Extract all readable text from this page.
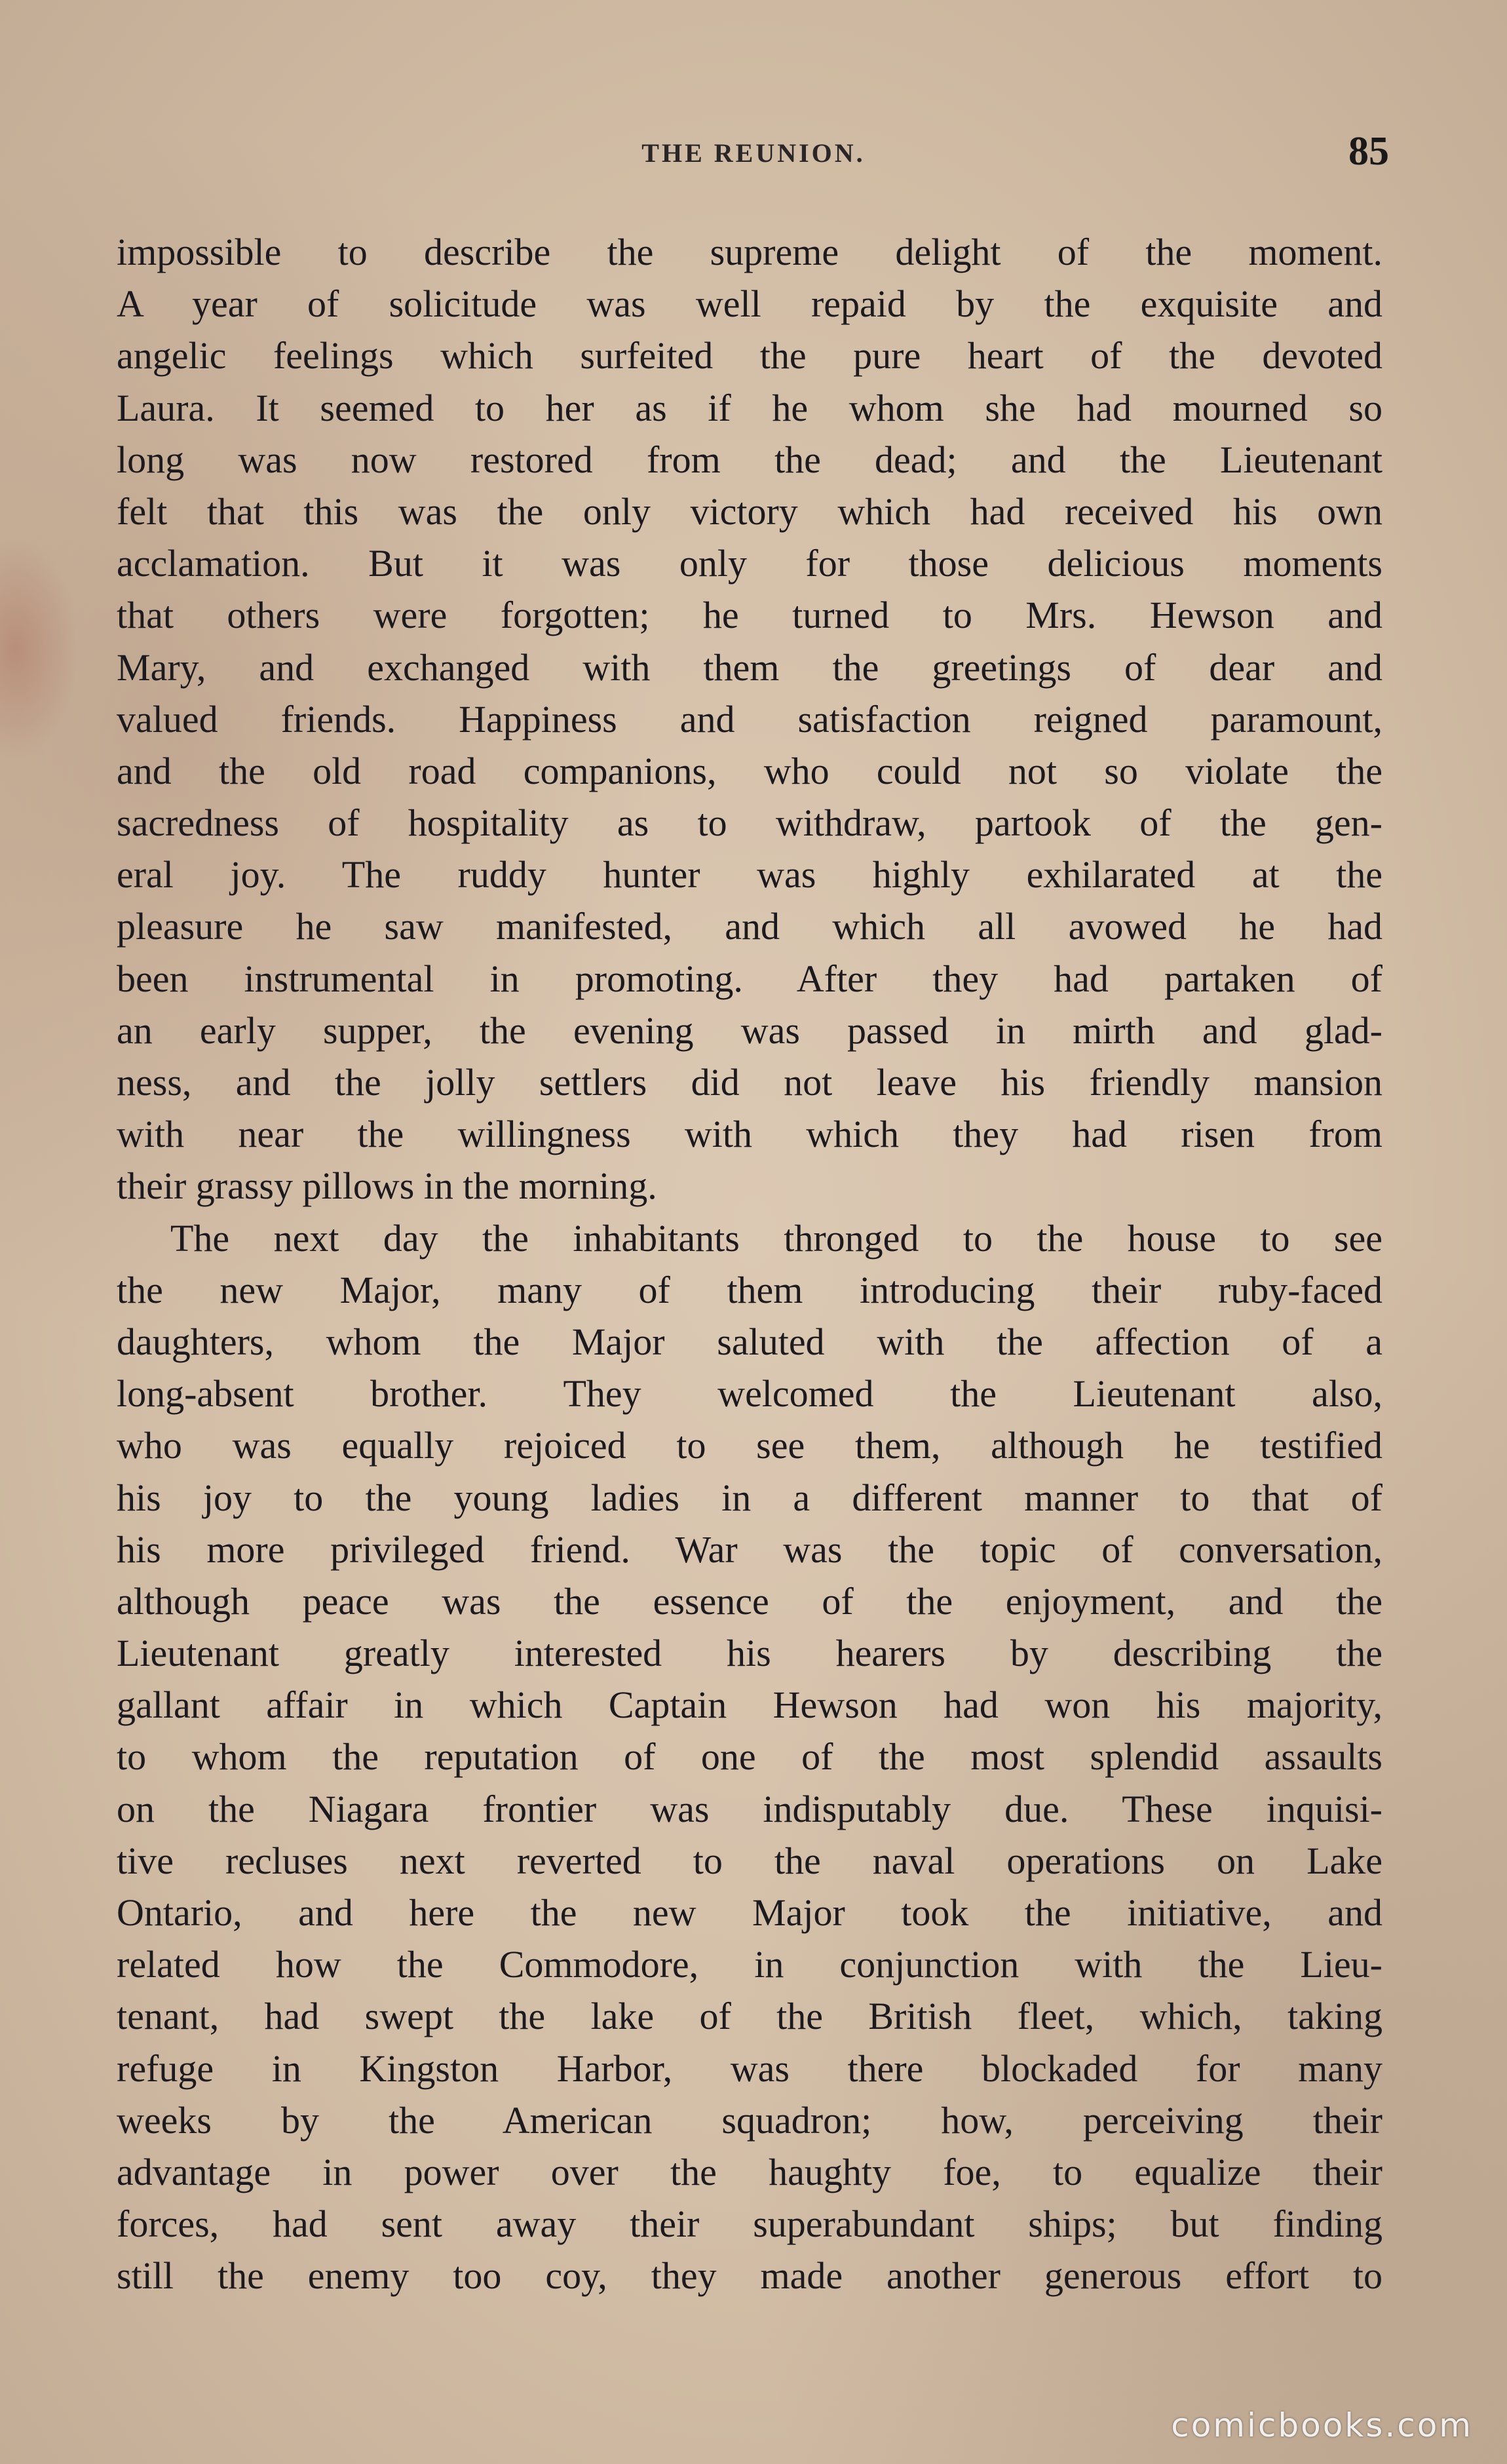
THE REUNION.	85
impossible to describe the supreme delight of the moment.
A year of solicitude was well repaid by the exquisite and
angelic feelings which surfeited the pure heart of the devoted
Laura. It seemed to her as if he whom she had mourned so
long was now restored from the dead; and the Lieutenant
felt that this was the only victory which had received his own
acclamation. But it was only for those delicious moments
that others were forgotten; he turned to Mrs. Hewson and
Mary, and exchanged with them the greetings of dear and
valued friends. Happiness and satisfaction reigned paramount,
and the old road companions, who could not so violate the
sacredness of hospitality as to withdraw, partook of the gen-
eral joy. The ruddy hunter was highly exhilarated at the
pleasure he saw manifested, and which all avowed he had
been instrumental in promoting. After they had partaken of
an early supper, the evening was passed in mirth and glad-
ness, and the jolly settlers did not leave his friendly mansion
with near the willingness with which they had risen from
their grassy pillows in the morning.
The next day the inhabitants thronged to the house to see
the new Major, many of them introducing their ruby-faced
daughters, whom the Major saluted with the affection of a
long-absent brother. They welcomed the Lieutenant also,
who was equally rejoiced to see them, although he testified
his joy to the young ladies in a different manner to that of
his more privileged friend. War was the topic of conversation,
although peace was the essence of the enjoyment, and the
Lieutenant greatly interested his hearers by describing the
gallant affair in which Captain Hewson had won his majority,
to whom the reputation of one of the most splendid assaults
on the Niagara frontier was indisputably due. These inquisi-
tive recluses next reverted to the naval operations on Lake
Ontario, and here the new Major took the initiative, and
related how the Commodore, in conjunction with the Lieu-
tenant, had swept the lake of the British fleet, which, taking
refuge in Kingston Harbor, was there blockaded for many
weeks by the American squadron; how, perceiving their
advantage in power over the haughty foe, to equalize their
forces, had sent away their superabundant ships; but finding
still the enemy too coy, they made another generous effort to
comicbooks.com
